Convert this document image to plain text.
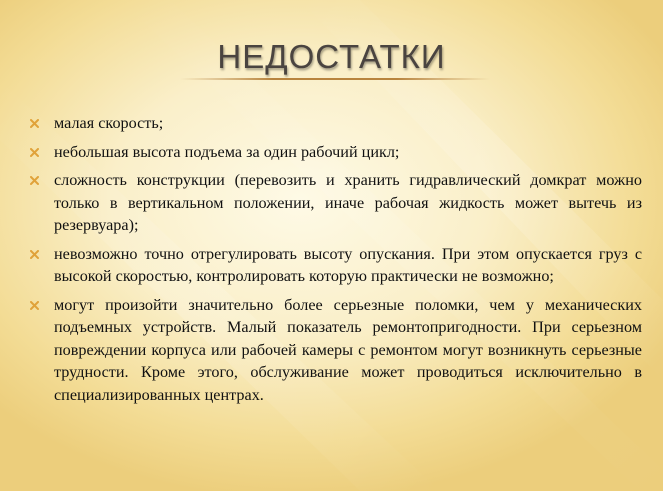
НЕДОСТАТКИ
малая скорость;
небольшая высота подъема за один рабочий цикл;
сложность конструкции (перевозить и хранить гидравлический домкрат можно только в вертикальном положении, иначе рабочая жидкость может вытечь из резервуара);
невозможно точно отрегулировать высоту опускания. При этом опускается груз с высокой скоростью, контролировать которую практически не возможно;
могут произойти значительно более серьезные поломки, чем у механических подъемных устройств. Малый показатель ремонтопригодности. При серьезном повреждении корпуса или рабочей камеры с ремонтом могут возникнуть серьезные трудности. Кроме этого, обслуживание может проводиться исключительно в специализированных центрах.
